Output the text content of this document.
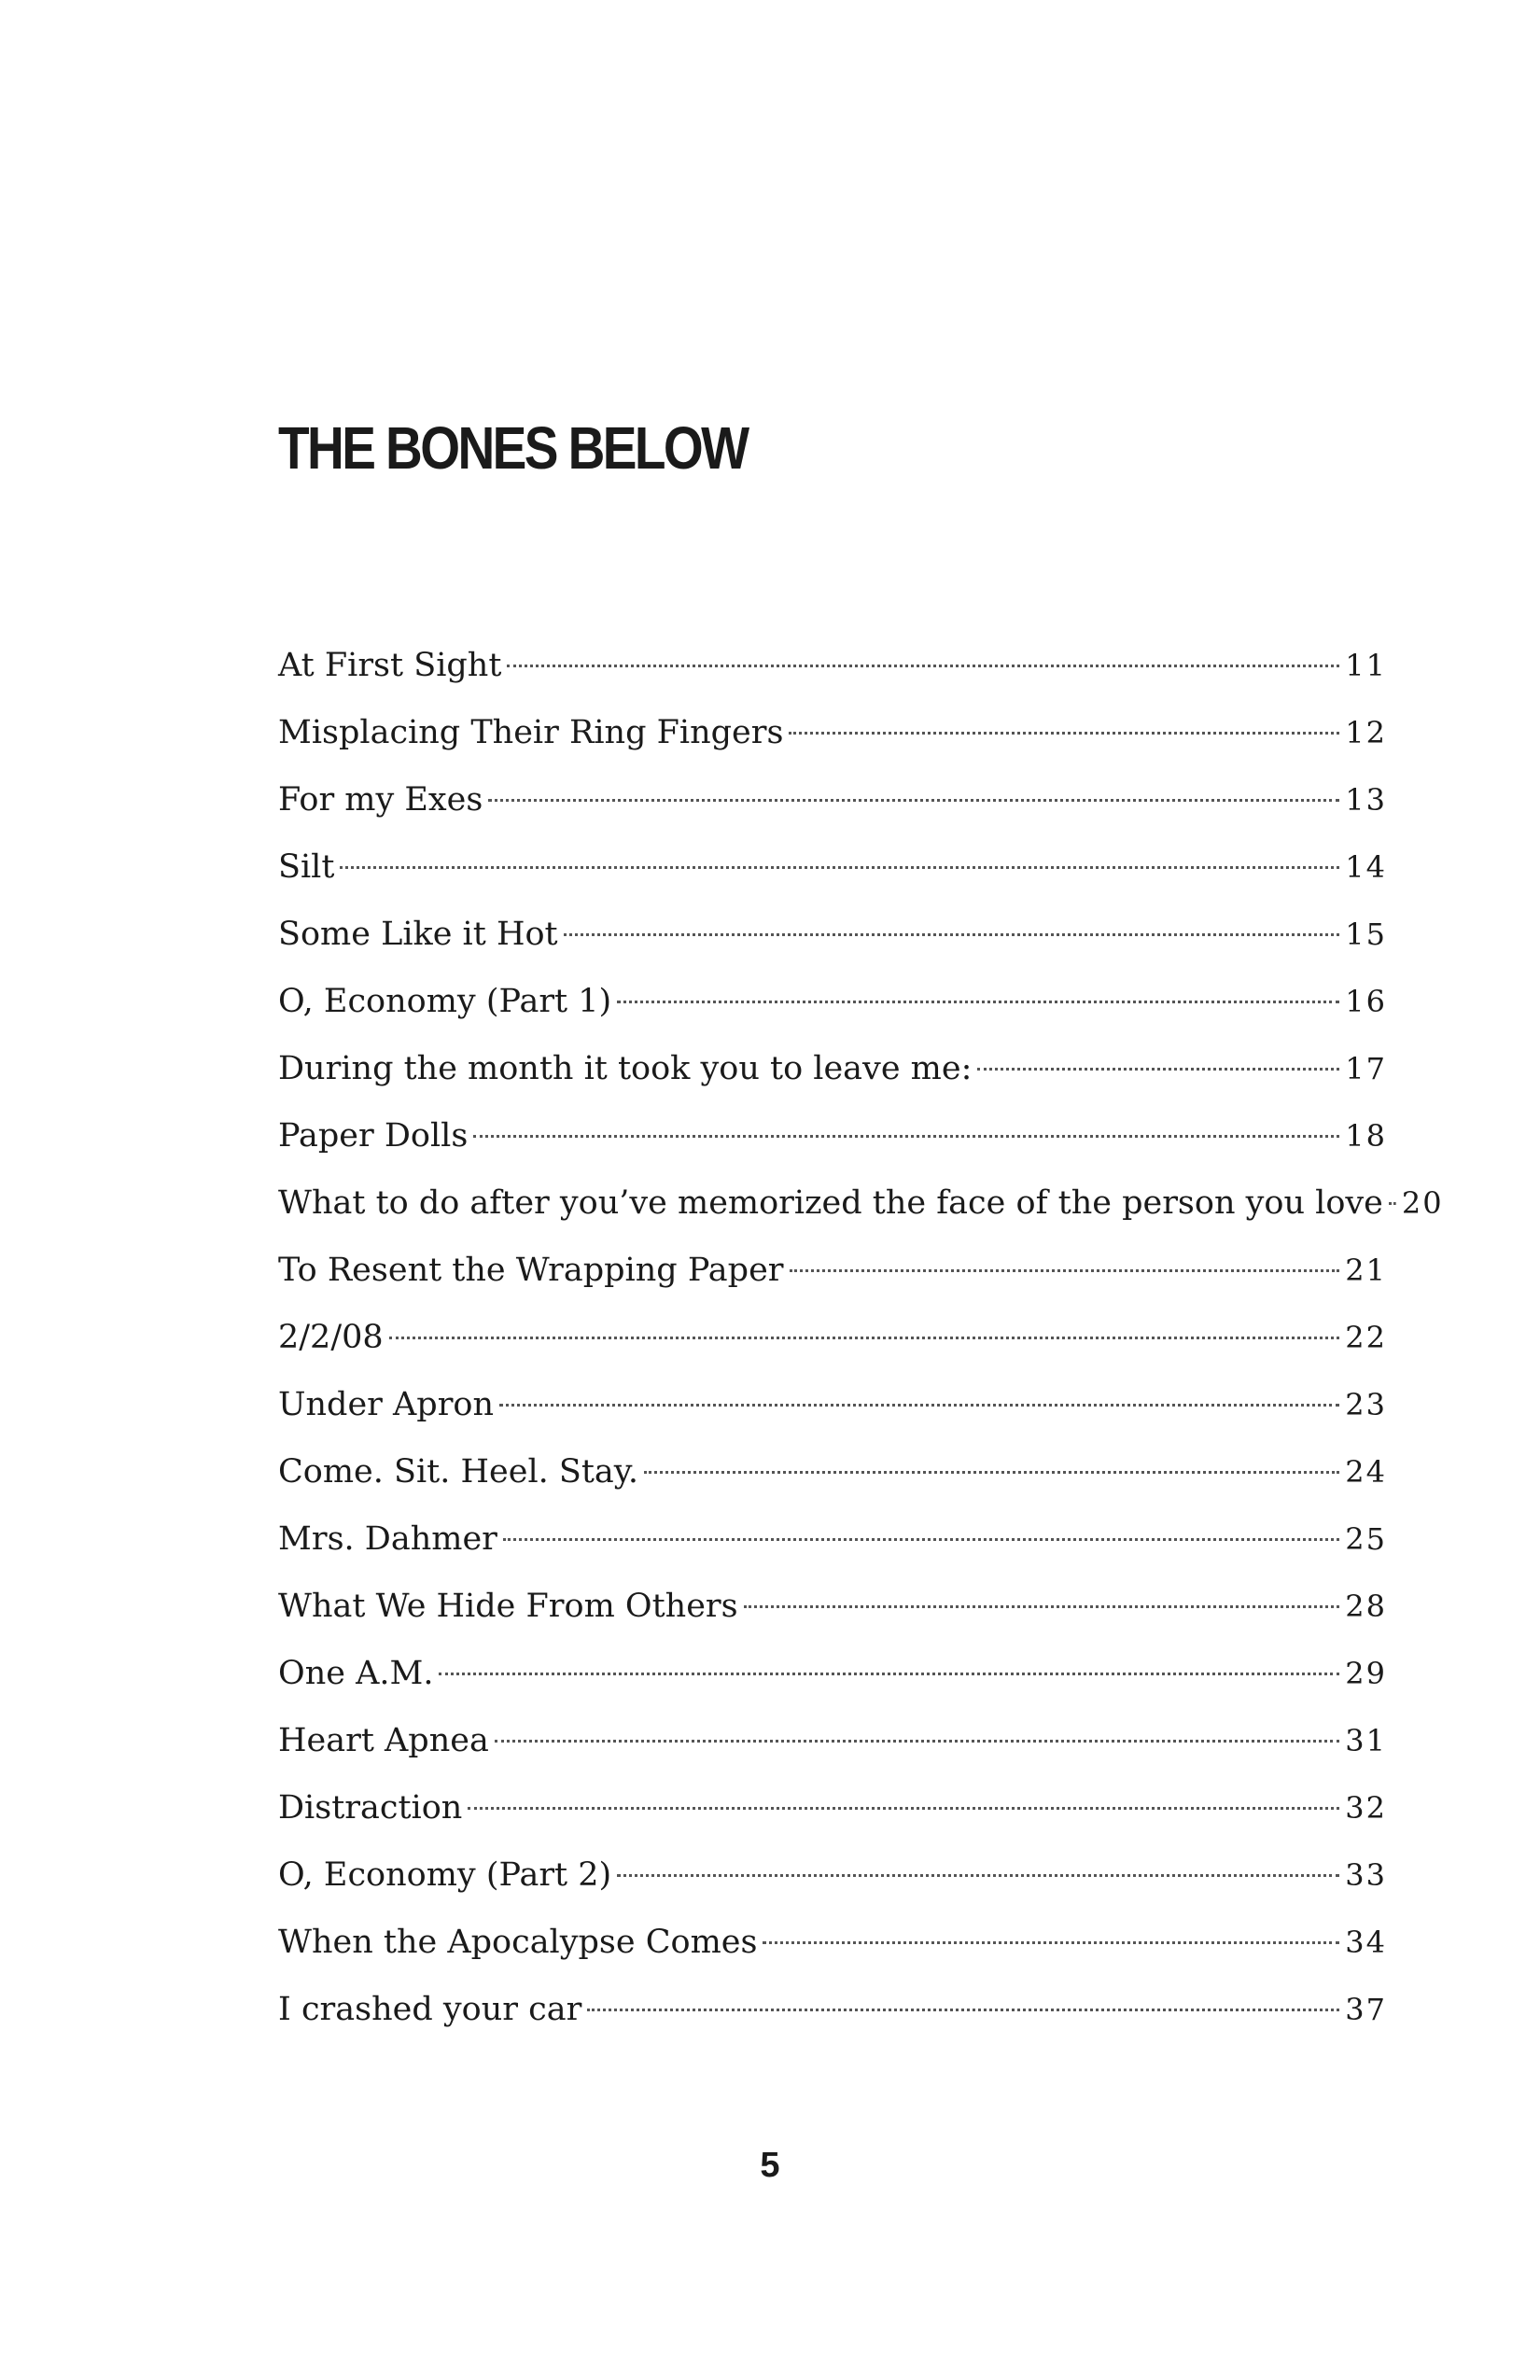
THE BONES BELOW
At First Sight	11
Misplacing Their Ring Fingers	12
For my Exes	13
Silt	14
Some Like it Hot	15
O, Economy (Part 1)	16
During the month it took you to leave me:	17
Paper Dolls	18
What to do after you’ve memorized the face of the person you love 20
To Resent the Wrapping Paper	21
2/2/08	22
Under Apron	23
Come. Sit. Heel. Stay.	24
Mrs. Dahmer	25
What We Hide From Others	28
One A.M.	29
Heart Apnea	31
Distraction	32
O, Economy (Part 2)	33
When the Apocalypse Comes	34
I crashed your car	37
5
